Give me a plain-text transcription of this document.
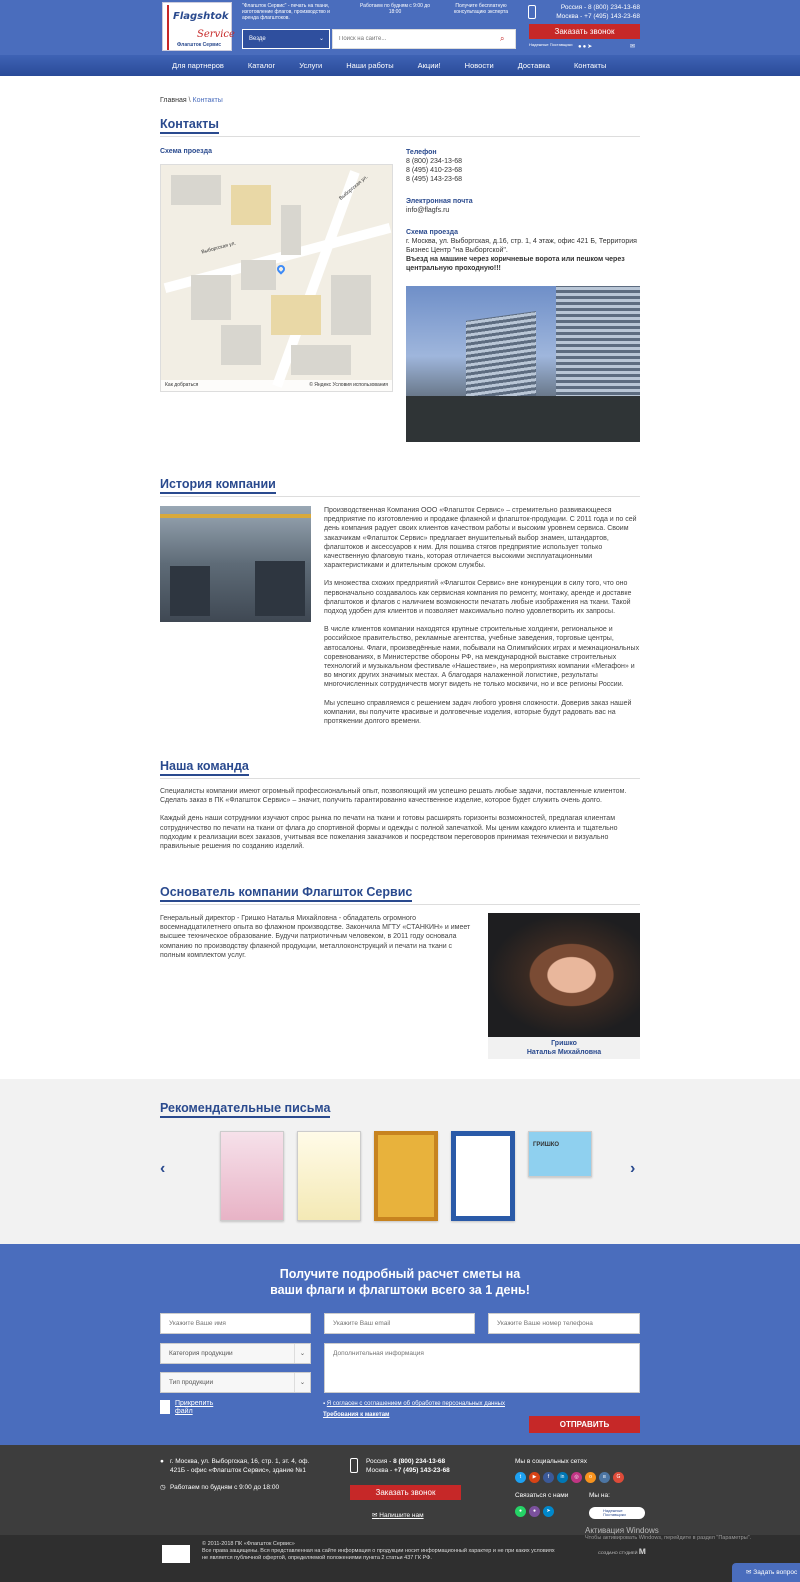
Flagshtok
Service
Флагшток Сервис
"Флагшток Сервис" - печать на ткани, изготовление флагов, производство и аренда флагштоков.
Работаем по будням с 9:00 до 18:00
Получите бесплатную консультацию эксперта
Везде	⌄
Поиск на сайте...	⌕
Россия - 8 (800) 234-13-68
Москва - +7 (495) 143-23-68
Заказать звонок
Надежные Поставщики ●●➤	✉
Для партнеров	Каталог	Услуги	Наши работы	Акции!	Новости	Доставка	Контакты
Главная \ Контакты
Контакты
Схема проезда
Выборгская ул.
Выборгская ул.
Как добраться	© Яндекс Условия использования
Телефон
8 (800) 234-13-68
8 (495) 410-23-68
8 (495) 143-23-68
Электронная почта
info@flagfs.ru
Схема проезда
г. Москва, ул. Выборгская, д.16, стр. 1, 4 этаж, офис 421 Б, Территория Бизнес Центр "на Выборгской".
Въезд на машине через коричневые ворота или пешком через центральную проходную!!!
История компании

Производственная Компания ООО «Флагшток Сервис» – стремительно развивающееся предприятие по изготовлению и продаже флажной и флагшток-продукции. С 2011 года и по сей день компания радует своих клиентов качеством работы и высоким уровнем сервиса. Своим заказчикам «Флагшток Сервис» предлагает внушительный выбор знамен, штандартов, флагштоков и аксессуаров к ним. Для пошива стягов предприятие использует только качественную флаговую ткань, которая отличается высокими эксплуатационными характеристиками и длительным сроком службы.

Из множества схожих предприятий «Флагшток Сервис» вне конкуренции в силу того, что оно первоначально создавалось как сервисная компания по ремонту, монтажу, аренде и доставке флагштоков и флагов с наличием возможности печатать любые изображения на ткани. Такой подход удобен для клиентов и позволяет максимально полно удовлетворить их запросы.

В числе клиентов компании находятся крупные строительные холдинги, региональное и российское правительство, рекламные агентства, учебные заведения, торговые центры, автосалоны. Флаги, произведённые нами, побывали на Олимпийских играх и межнациональных соревнованиях, в Министерстве обороны РФ, на международной выставке строительных технологий и музыкальном фестивале «Нашествие», на мероприятиях компании «Мегафон» и во многих других значимых местах. А благодаря налаженной логистике, результаты многочисленных сотрудничеств могут видеть не только москвичи, но и все регионы России.

Мы успешно справляемся с решением задач любого уровня сложности. Доверив заказ нашей компании, вы получите красивые и долговечные изделия, которые будут радовать вас на протяжении долгого времени.

Наша команда

Специалисты компании имеют огромный профессиональный опыт, позволяющий им успешно решать любые задачи, поставленные клиентом. Сделать заказ в ПК «Флагшток Сервис» – значит, получить гарантированно качественное изделие, которое будет служить очень долго.

Каждый день наши сотрудники изучают спрос рынка по печати на ткани и готовы расширять горизонты возможностей, предлагая клиентам сотрудничество по печати на ткани от флага до спортивной формы и одежды с полной запечаткой. Мы ценим каждого клиента и тщательно подходим к реализации всех заказов, учитывая все пожелания заказчиков и посредством переговоров принимая технически и визуально правильные решения по созданию изделий.

Основатель компании Флагшток Сервис
Генеральный директор - Гришко Наталья Михайловна - обладатель огромного восемнадцатилетнего опыта во флажном производстве. Закончила МГТУ «СТАНКИН» и имеет высшее техническое образование. Будучи патриотичным человеком, в 2011 году основала компанию по производству флажной продукции, металлоконструкций и печати на ткани с полным комплектом услуг.
Гришко
Наталья Михайловна
Рекомендательные письма
‹	›
ГРИШКО
Получите подробный расчет сметы на
ваши флаги и флагштоки всего за 1 день!
Укажите Ваше имя
Укажите Ваш email
Укажите Ваше номер телефона
Категория продукции	⌄
Тип продукции	⌄
Дополнительная информация
Прикрепить файл
▪ Я согласен с соглашением об обработке персональных данных
Требования к макетам
ОТПРАВИТЬ
● г. Москва, ул. Выборгская, 16, стр. 1, эт. 4, оф. 421Б - офис «Флагшток Сервис», здание №1
◷ Работаем по будням с 9:00 до 18:00
Россия - 8 (800) 234-13-68
Москва - +7 (495) 143-23-68
Заказать звонок
✉ Напишите нам
Мы в социальных сетях
t ▶ f in ◎ о в G
Связаться с нами
● ● ➤
Мы на:
Надежные Поставщики
© 2011-2018 ПК «Флагшток Сервис»
Все права защищены. Вся представленная на сайте информация о продукции носит информационный характер и не при каких условиях не является публичной офертой, определяемой положениями пункта 2 статьи 437 ГК РФ.
СОЗДАНО СТУДИЕЙ ᴍ
Активация Windows
Чтобы активировать Windows, перейдите в раздел "Параметры".
✉ Задать вопрос
